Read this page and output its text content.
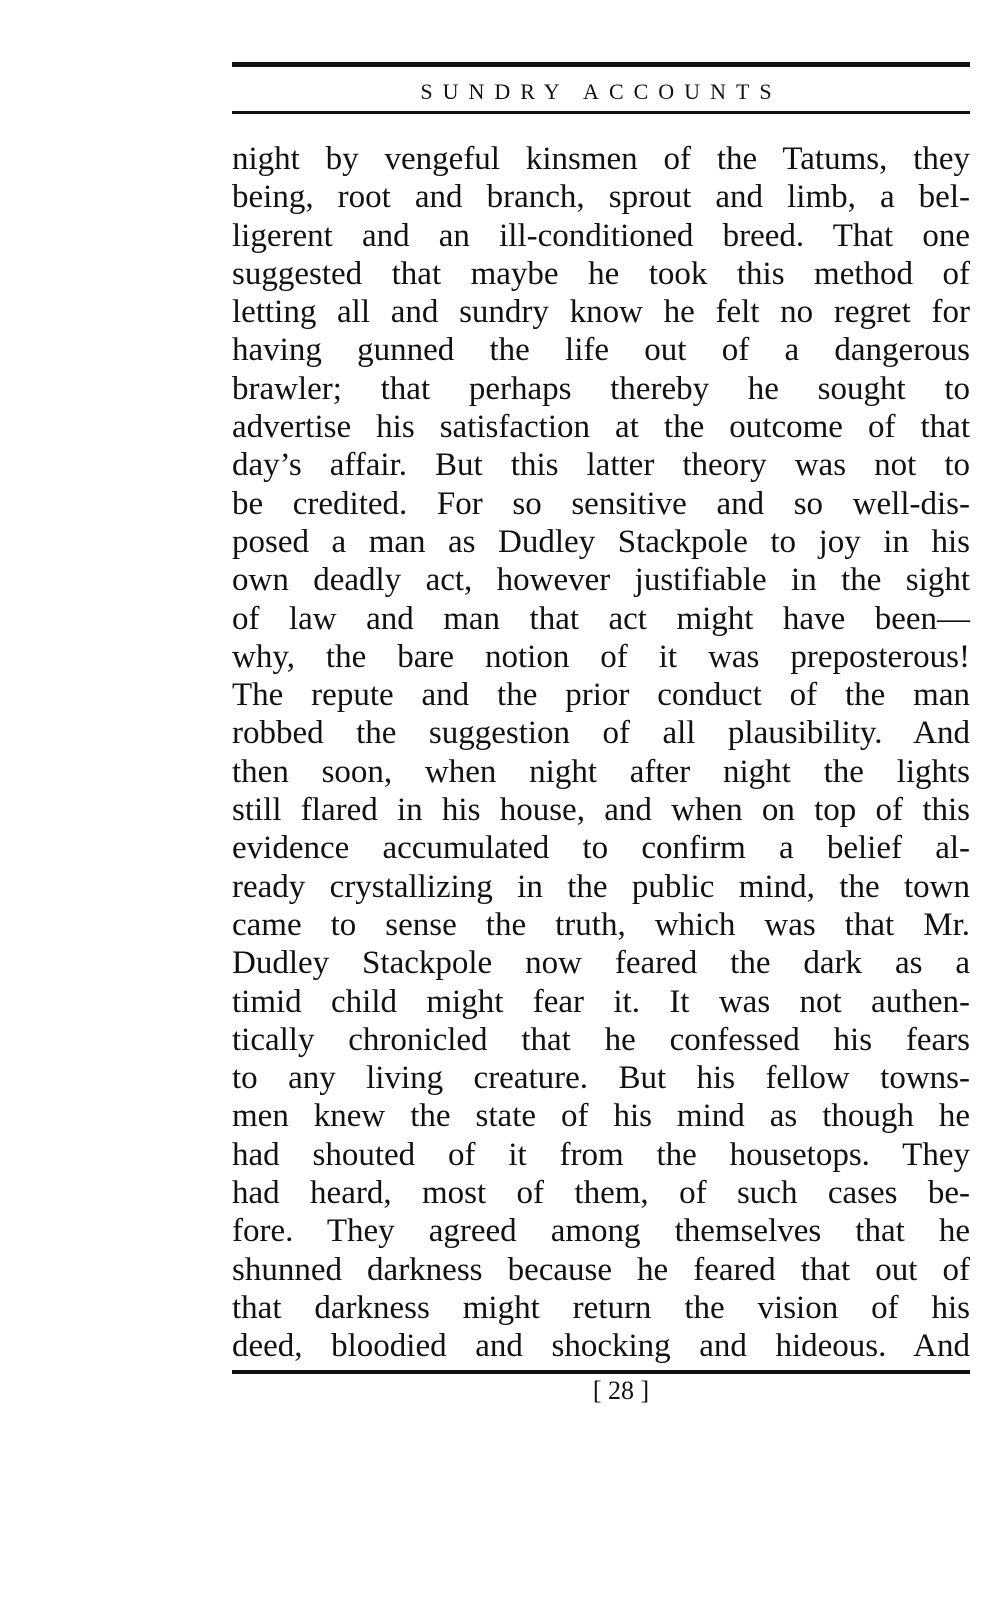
SUNDRY ACCOUNTS
night by vengeful kinsmen of the Tatums, they
being, root and branch, sprout and limb, a bel-
ligerent and an ill-conditioned breed. That one
suggested that maybe he took this method of
letting all and sundry know he felt no regret for
having gunned the life out of a dangerous
brawler; that perhaps thereby he sought to
advertise his satisfaction at the outcome of that
day’s affair. But this latter theory was not to
be credited. For so sensitive and so well-dis-
posed a man as Dudley Stackpole to joy in his
own deadly act, however justifiable in the sight
of law and man that act might have been—
why, the bare notion of it was preposterous!
The repute and the prior conduct of the man
robbed the suggestion of all plausibility. And
then soon, when night after night the lights
still flared in his house, and when on top of this
evidence accumulated to confirm a belief al-
ready crystallizing in the public mind, the town
came to sense the truth, which was that Mr.
Dudley Stackpole now feared the dark as a
timid child might fear it. It was not authen-
tically chronicled that he confessed his fears
to any living creature. But his fellow towns-
men knew the state of his mind as though he
had shouted of it from the housetops. They
had heard, most of them, of such cases be-
fore. They agreed among themselves that he
shunned darkness because he feared that out of
that darkness might return the vision of his
deed, bloodied and shocking and hideous. And
[ 28 ]
